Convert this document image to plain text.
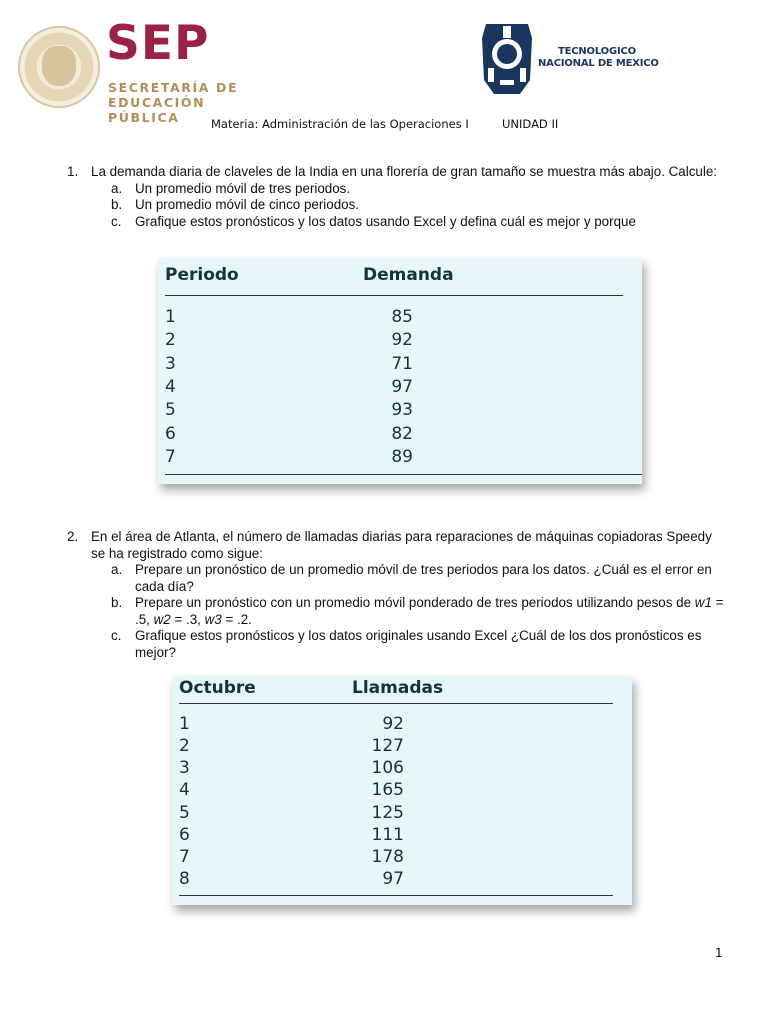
SEP
SECRETARÍA DE
EDUCACIÓN PÚBLICA
TECNOLOGICO
NACIONAL DE MEXICO
Materia: Administración de las Operaciones I	UNIDAD II
1. La demanda diaria de claveles de la India en una florería de gran tamaño se muestra más abajo. Calcule:
a. Un promedio móvil de tres periodos.
b. Un promedio móvil de cinco periodos.
c. Grafique estos pronósticos y los datos usando Excel y defina cuál es mejor y porque
Periodo	Demanda
1	85
2	92
3	71
4	97
5	93
6	82
7	89
2. En el área de Atlanta, el número de llamadas diarias para reparaciones de máquinas copiadoras Speedy se ha registrado como sigue:
a. Prepare un pronóstico de un promedio móvil de tres periodos para los datos. ¿Cuál es el error en cada día?
b. Prepare un pronóstico con un promedio móvil ponderado de tres periodos utilizando pesos de w1 = .5, w2 = .3, w3 = .2.
c. Grafique estos pronósticos y los datos originales usando Excel ¿Cuál de los dos pronósticos es mejor?
Octubre	Llamadas
1	92
2	127
3	106
4	165
5	125
6	111
7	178
8	97
1
